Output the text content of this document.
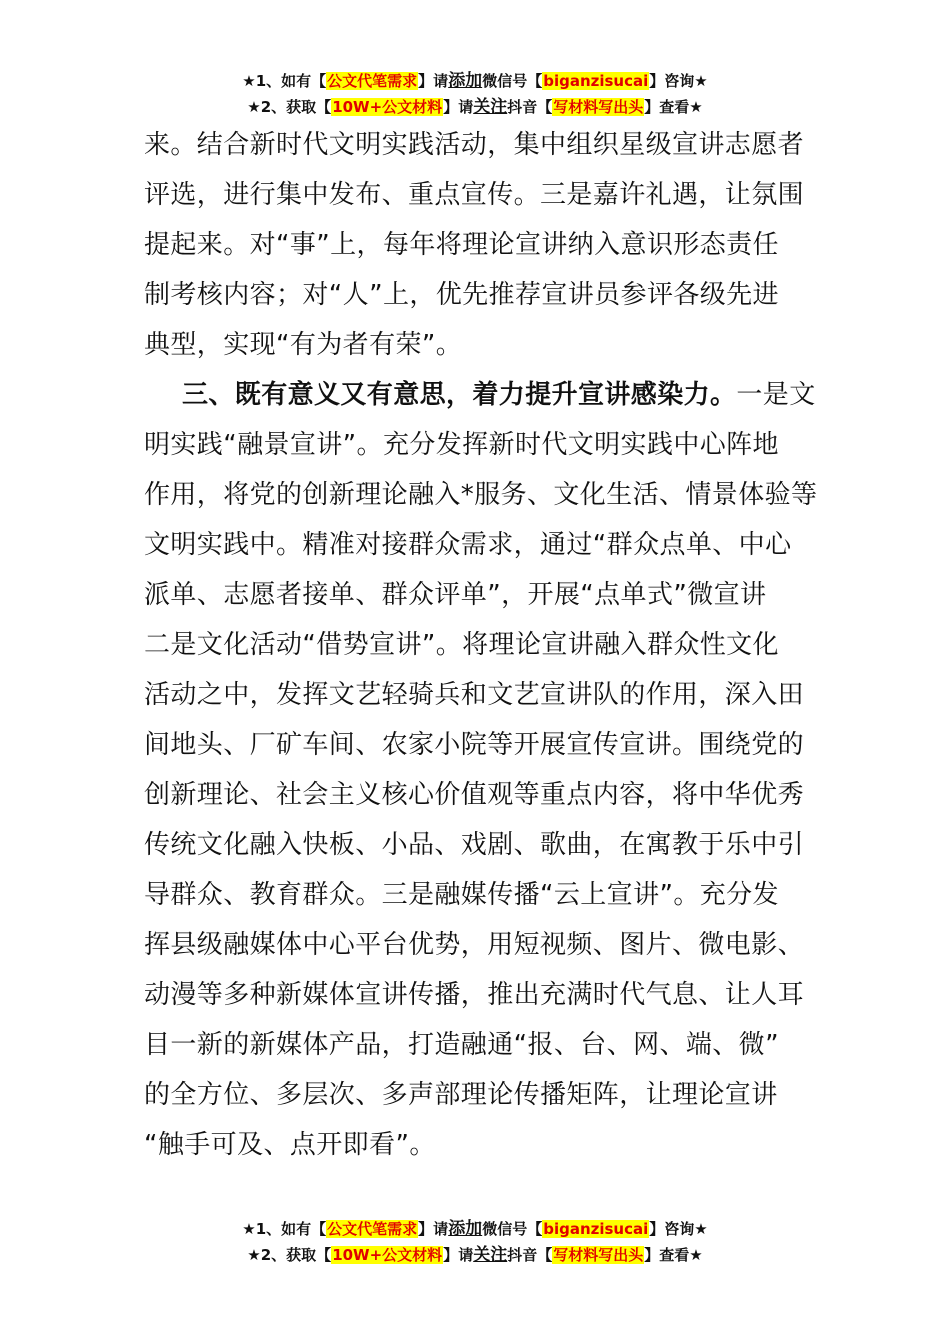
★1、如有【公文代笔需求】请添加微信号【biganzisucai】咨询★
★2、获取【10W+公文材料】请关注抖音【写材料写出头】查看★

来。结合新时代文明实践活动，集中组织星级宣讲志愿者
评选，进行集中发布、重点宣传。三是嘉许礼遇，让氛围
提起来。对“事”上，每年将理论宣讲纳入意识形态责任
制考核内容；对“人”上，优先推荐宣讲员参评各级先进
典型，实现“有为者有荣”。

三、既有意义又有意思，着力提升宣讲感染力。一是文
明实践“融景宣讲”。充分发挥新时代文明实践中心阵地
作用，将党的创新理论融入*服务、文化生活、情景体验等
文明实践中。精准对接群众需求，通过“群众点单、中心
派单、志愿者接单、群众评单”，开展“点单式”微宣讲
二是文化活动“借势宣讲”。将理论宣讲融入群众性文化
活动之中，发挥文艺轻骑兵和文艺宣讲队的作用，深入田
间地头、厂矿车间、农家小院等开展宣传宣讲。围绕党的
创新理论、社会主义核心价值观等重点内容，将中华优秀
传统文化融入快板、小品、戏剧、歌曲，在寓教于乐中引
导群众、教育群众。三是融媒传播“云上宣讲”。充分发
挥县级融媒体中心平台优势，用短视频、图片、微电影、
动漫等多种新媒体宣讲传播，推出充满时代气息、让人耳
目一新的新媒体产品，打造融通“报、台、网、端、微”
的全方位、多层次、多声部理论传播矩阵，让理论宣讲
“触手可及、点开即看”。

★1、如有【公文代笔需求】请添加微信号【biganzisucai】咨询★
★2、获取【10W+公文材料】请关注抖音【写材料写出头】查看★
